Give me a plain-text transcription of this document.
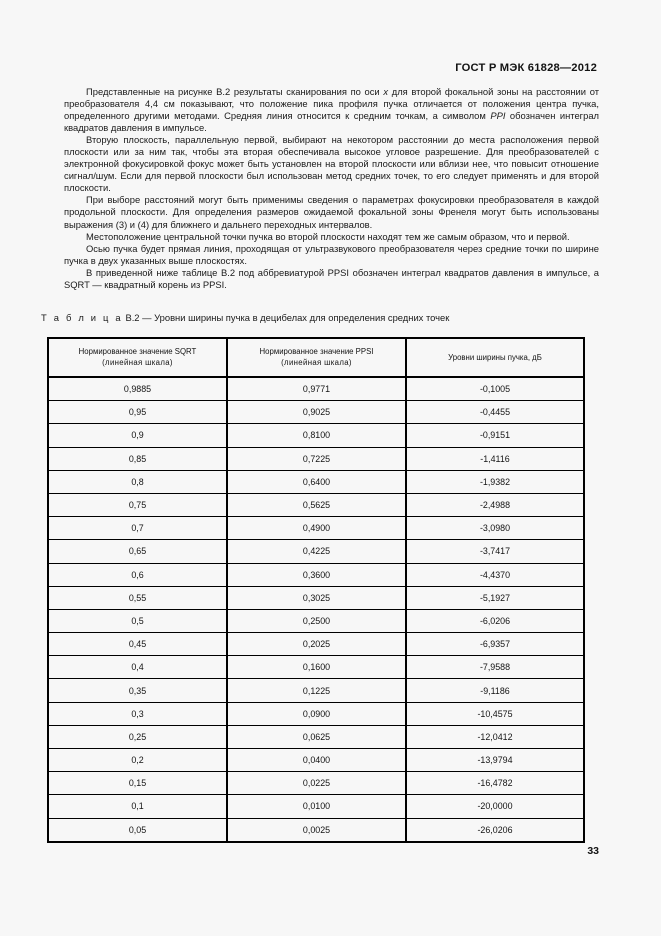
ГОСТ Р МЭК 61828—2012

Представленные на рисунке В.2 результаты сканирования по оси x для второй фокальной зоны на расстоянии от преобразователя 4,4 см показывают, что положение пика профиля пучка отличается от положения центра пучка, определенного другими методами. Средняя линия относится к средним точкам, а символом PPI обозначен интеграл квадратов давления в импульсе.

Вторую плоскость, параллельную первой, выбирают на некотором расстоянии до места расположения первой плоскости или за ним так, чтобы эта вторая обеспечивала высокое угловое разрешение. Для преобразователей с электронной фокусировкой фокус может быть установлен на второй плоскости или вблизи нее, что повысит отношение сигнал/шум. Если для первой плоскости был использован метод средних точек, то его следует применять и для второй плоскости.

При выборе расстояний могут быть применимы сведения о параметрах фокусировки преобразователя в каждой продольной плоскости. Для определения размеров ожидаемой фокальной зоны Френеля могут быть использованы выражения (3) и (4) для ближнего и дальнего переходных интервалов.

Местоположение центральной точки пучка во второй плоскости находят тем же самым образом, что и первой.

Осью пучка будет прямая линия, проходящая от ультразвукового преобразователя через средние точки по ширине пучка в двух указанных выше плоскостях.

В приведенной ниже таблице В.2 под аббревиатурой PPSI обозначен интеграл квадратов давления в импульсе, а SQRT — квадратный корень из PPSI.

Т а б л и ц а В.2 — Уровни ширины пучка в децибелах для определения средних точек
Нормированное значение SQRT
(линейная шкала)	Нормированное значение PPSI
(линейная шкала)	Уровни ширины пучка, дБ

0,9885	0,9771	-0,1005
0,95	0,9025	-0,4455
0,9	0,8100	-0,9151
0,85	0,7225	-1,4116
0,8	0,6400	-1,9382
0,75	0,5625	-2,4988
0,7	0,4900	-3,0980
0,65	0,4225	-3,7417
0,6	0,3600	-4,4370
0,55	0,3025	-5,1927
0,5	0,2500	-6,0206
0,45	0,2025	-6,9357
0,4	0,1600	-7,9588
0,35	0,1225	-9,1186
0,3	0,0900	-10,4575
0,25	0,0625	-12,0412
0,2	0,0400	-13,9794
0,15	0,0225	-16,4782
0,1	0,0100	-20,0000
0,05	0,0025	-26,0206
33
